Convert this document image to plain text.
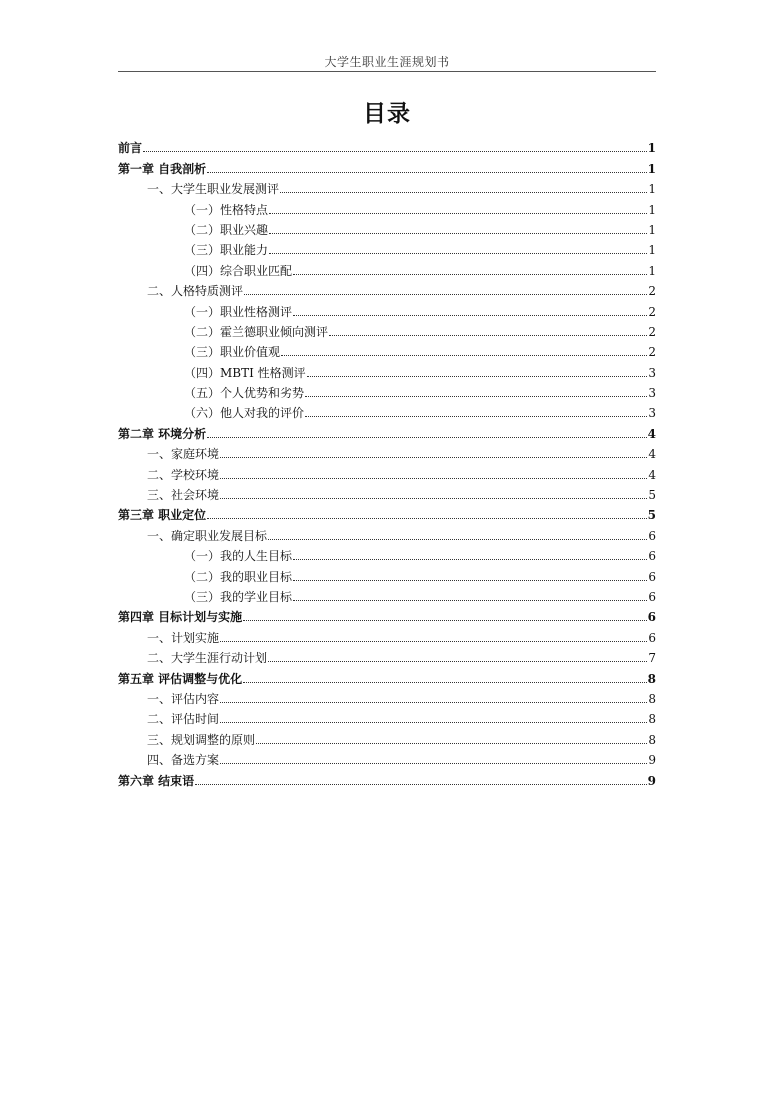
大学生职业生涯规划书
目录
前言	1
第一章 自我剖析	1
一、大学生职业发展测评	1
（一）性格特点	1
（二）职业兴趣	1
（三）职业能力	1
（四）综合职业匹配	1
二、人格特质测评	2
（一）职业性格测评	2
（二）霍兰德职业倾向测评	2
（三）职业价值观	2
（四）MBTI 性格测评	3
（五）个人优势和劣势	3
（六）他人对我的评价	3
第二章 环境分析	4
一、家庭环境	4
二、学校环境	4
三、社会环境	5
第三章 职业定位	5
一、确定职业发展目标	6
（一）我的人生目标	6
（二）我的职业目标	6
（三）我的学业目标	6
第四章 目标计划与实施	6
一、计划实施	6
二、大学生涯行动计划	7
第五章 评估调整与优化	8
一、评估内容	8
二、评估时间	8
三、规划调整的原则	8
四、备选方案	9
第六章 结束语	9
